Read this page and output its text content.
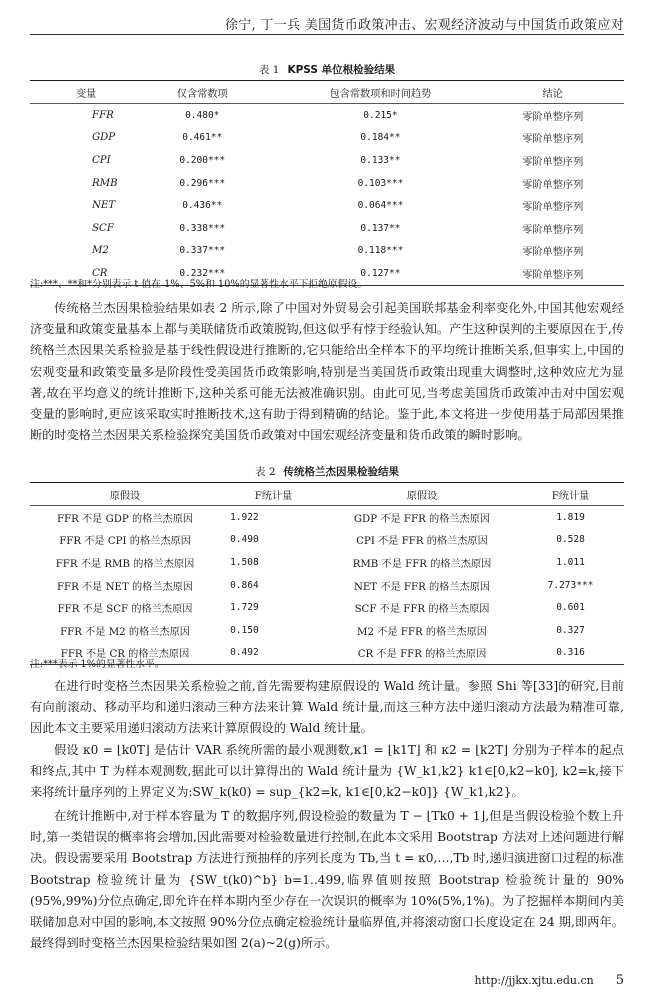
徐宁, 丁一兵 美国货币政策冲击、宏观经济波动与中国货币政策应对
表 1 KPSS 单位根检验结果
变量	仅含常数项	包含常数项和时间趋势	结论
FFR	0.480*	0.215*	零阶单整序列
GDP	0.461**	0.184**	零阶单整序列
CPI	0.200***	0.133**	零阶单整序列
RMB	0.296***	0.103***	零阶单整序列
NET	0.436**	0.064***	零阶单整序列
SCF	0.338***	0.137**	零阶单整序列
M2	0.337***	0.118***	零阶单整序列
CR	0.232***	0.127**	零阶单整序列
注:***、**和*分别表示 t 值在 1%、5%和 10%的显著性水平下拒绝原假设。

传统格兰杰因果检验结果如表 2 所示,除了中国对外贸易会引起美国联邦基金利率变化外,中国其他宏观经济变量和政策变量基本上都与美联储货币政策脱钩,但这似乎有悖于经验认知。产生这种误判的主要原因在于,传统格兰杰因果关系检验是基于线性假设进行推断的,它只能给出全样本下的平均统计推断关系,但事实上,中国的宏观变量和政策变量多是阶段性受美国货币政策影响,特别是当美国货币政策出现重大调整时,这种效应尤为显著,故在平均意义的统计推断下,这种关系可能无法被准确识别。由此可见,当考虑美国货币政策冲击对中国宏观变量的影响时,更应该采取实时推断技术,这有助于得到精确的结论。鉴于此,本文将进一步使用基于局部因果推断的时变格兰杰因果关系检验探究美国货币政策对中国宏观经济变量和货币政策的瞬时影响。

表 2 传统格兰杰因果检验结果
原假设	F统计量	原假设	F统计量
FFR 不是 GDP 的格兰杰原因	1.922	GDP 不是 FFR 的格兰杰原因	1.819
FFR 不是 CPI 的格兰杰原因	0.490	CPI 不是 FFR 的格兰杰原因	0.528
FFR 不是 RMB 的格兰杰原因	1.508	RMB 不是 FFR 的格兰杰原因	1.011
FFR 不是 NET 的格兰杰原因	0.864	NET 不是 FFR 的格兰杰原因	7.273***
FFR 不是 SCF 的格兰杰原因	1.729	SCF 不是 FFR 的格兰杰原因	0.601
FFR 不是 M2 的格兰杰原因	0.150	M2 不是 FFR 的格兰杰原因	0.327
FFR 不是 CR 的格兰杰原因	0.492	CR 不是 FFR 的格兰杰原因	0.316
注:***表示 1%的显著性水平。

在进行时变格兰杰因果关系检验之前,首先需要构建原假设的 Wald 统计量。参照 Shi 等[33]的研究,目前有向前滚动、移动平均和递归滚动三种方法来计算 Wald 统计量,而这三种方法中递归滚动方法最为精准可靠,因此本文主要采用递归滚动方法来计算原假设的 Wald 统计量。

假设 κ0 = ⌊k0T⌋ 是估计 VAR 系统所需的最小观测数,κ1 = ⌊k1T⌋ 和 κ2 = ⌊k2T⌋ 分别为子样本的起点和终点,其中 T 为样本观测数,据此可以计算得出的 Wald 统计量为 {W_k1,k2} k1∈[0,k2−k0], k2=k,接下来将统计量序列的上界定义为:SW_k(k0) = sup_{k2=k, k1∈[0,k2−k0]} {W_k1,k2}。

在统计推断中,对于样本容量为 T 的数据序列,假设检验的数量为 T − ⌊Tk0 + 1⌋,但是当假设检验个数上升时,第一类错误的概率将会增加,因此需要对检验数量进行控制,在此本文采用 Bootstrap 方法对上述问题进行解决。假设需要采用 Bootstrap 方法进行预抽样的序列长度为 Tb,当 t = κ0,…,Tb 时,递归演进窗口过程的标准 Bootstrap 检验统计量为 {SW_t(k0)^b} b=1..499,临界值则按照 Bootstrap 检验统计量的 90%(95%,99%)分位点确定,即允许在样本期内至少存在一次误识的概率为 10%(5%,1%)。为了挖掘样本期间内美联储加息对中国的影响,本文按照 90%分位点确定检验统计量临界值,并将滚动窗口长度设定在 24 期,即两年。最终得到时变格兰杰因果检验结果如图 2(a)~2(g)所示。

http://jjkx.xjtu.edu.cn 5
